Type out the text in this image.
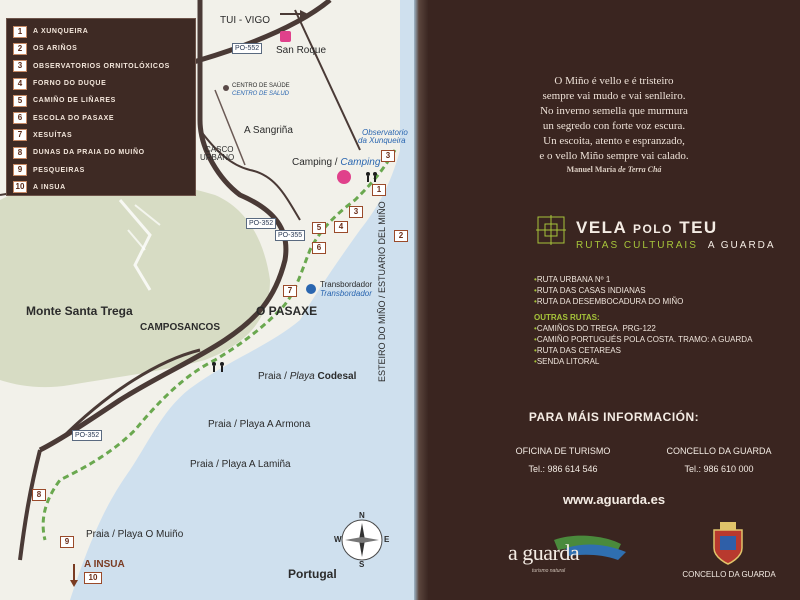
1	A XUNQUEIRA
2	OS ARIÑOS
3	OBSERVATORIOS ORNITOLÓXICOS
4	FORNO DO DUQUE
5	CAMIÑO DE LIÑARES
6	ESCOLA DO PASAXE
7	XESUÍTAS
8	DUNAS DA PRAIA DO MUIÑO
9	PESQUEIRAS
10	A INSUA
TUI - VIGO
PO-552	San Roque
CENTRO DE SAÚDE
CENTRO DE SALUD
CASCO
URBANO
A Sangriña	Observatorio
da Xunqueira
Camping / Camping
PO-352
PO-355
Transbordador
Transbordador
Monte Santa Trega
CAMPOSANCOS
O PASAXE	ESTEIRO DO MIÑO / ESTUARIO DEL MIÑO
Praia / Playa Codesal
Praia / Playa A Armona
Praia / Playa A Lamiña
PO-352
Praia / Playa O Muiño
A INSUA
Portugal
N
S
E
W
1
2
3
3
4
5
6
7
8
9
10
O Miño é vello e é tristeiro
sempre vai mudo e vai senlleiro.
No inverno semella que murmura
un segredo con forte voz escura.
Un escoita, atento e espranzado,
e o vello Miño sempre vai calado.
Manuel María de Terra Chá
VELA POLO TEU
RUTAS CULTURAIS A GUARDA
• RUTA URBANA Nº 1
• RUTA DAS CASAS INDIANAS
• RUTA DA DESEMBOCADURA DO MIÑO
OUTRAS RUTAS:
• CAMIÑOS DO TREGA. PRG-122
• CAMIÑO PORTUGUÉS POLA COSTA. TRAMO: A GUARDA
• RUTA DAS CETAREAS
• SENDA LITORAL
PARA MÁIS INFORMACIÓN:
OFICINA DE TURISMO
Tel.: 986 614 546
CONCELLO DA GUARDA
Tel.: 986 610 000
www.aguarda.es
a guarda
turismo natural	CONCELLO DA GUARDA
